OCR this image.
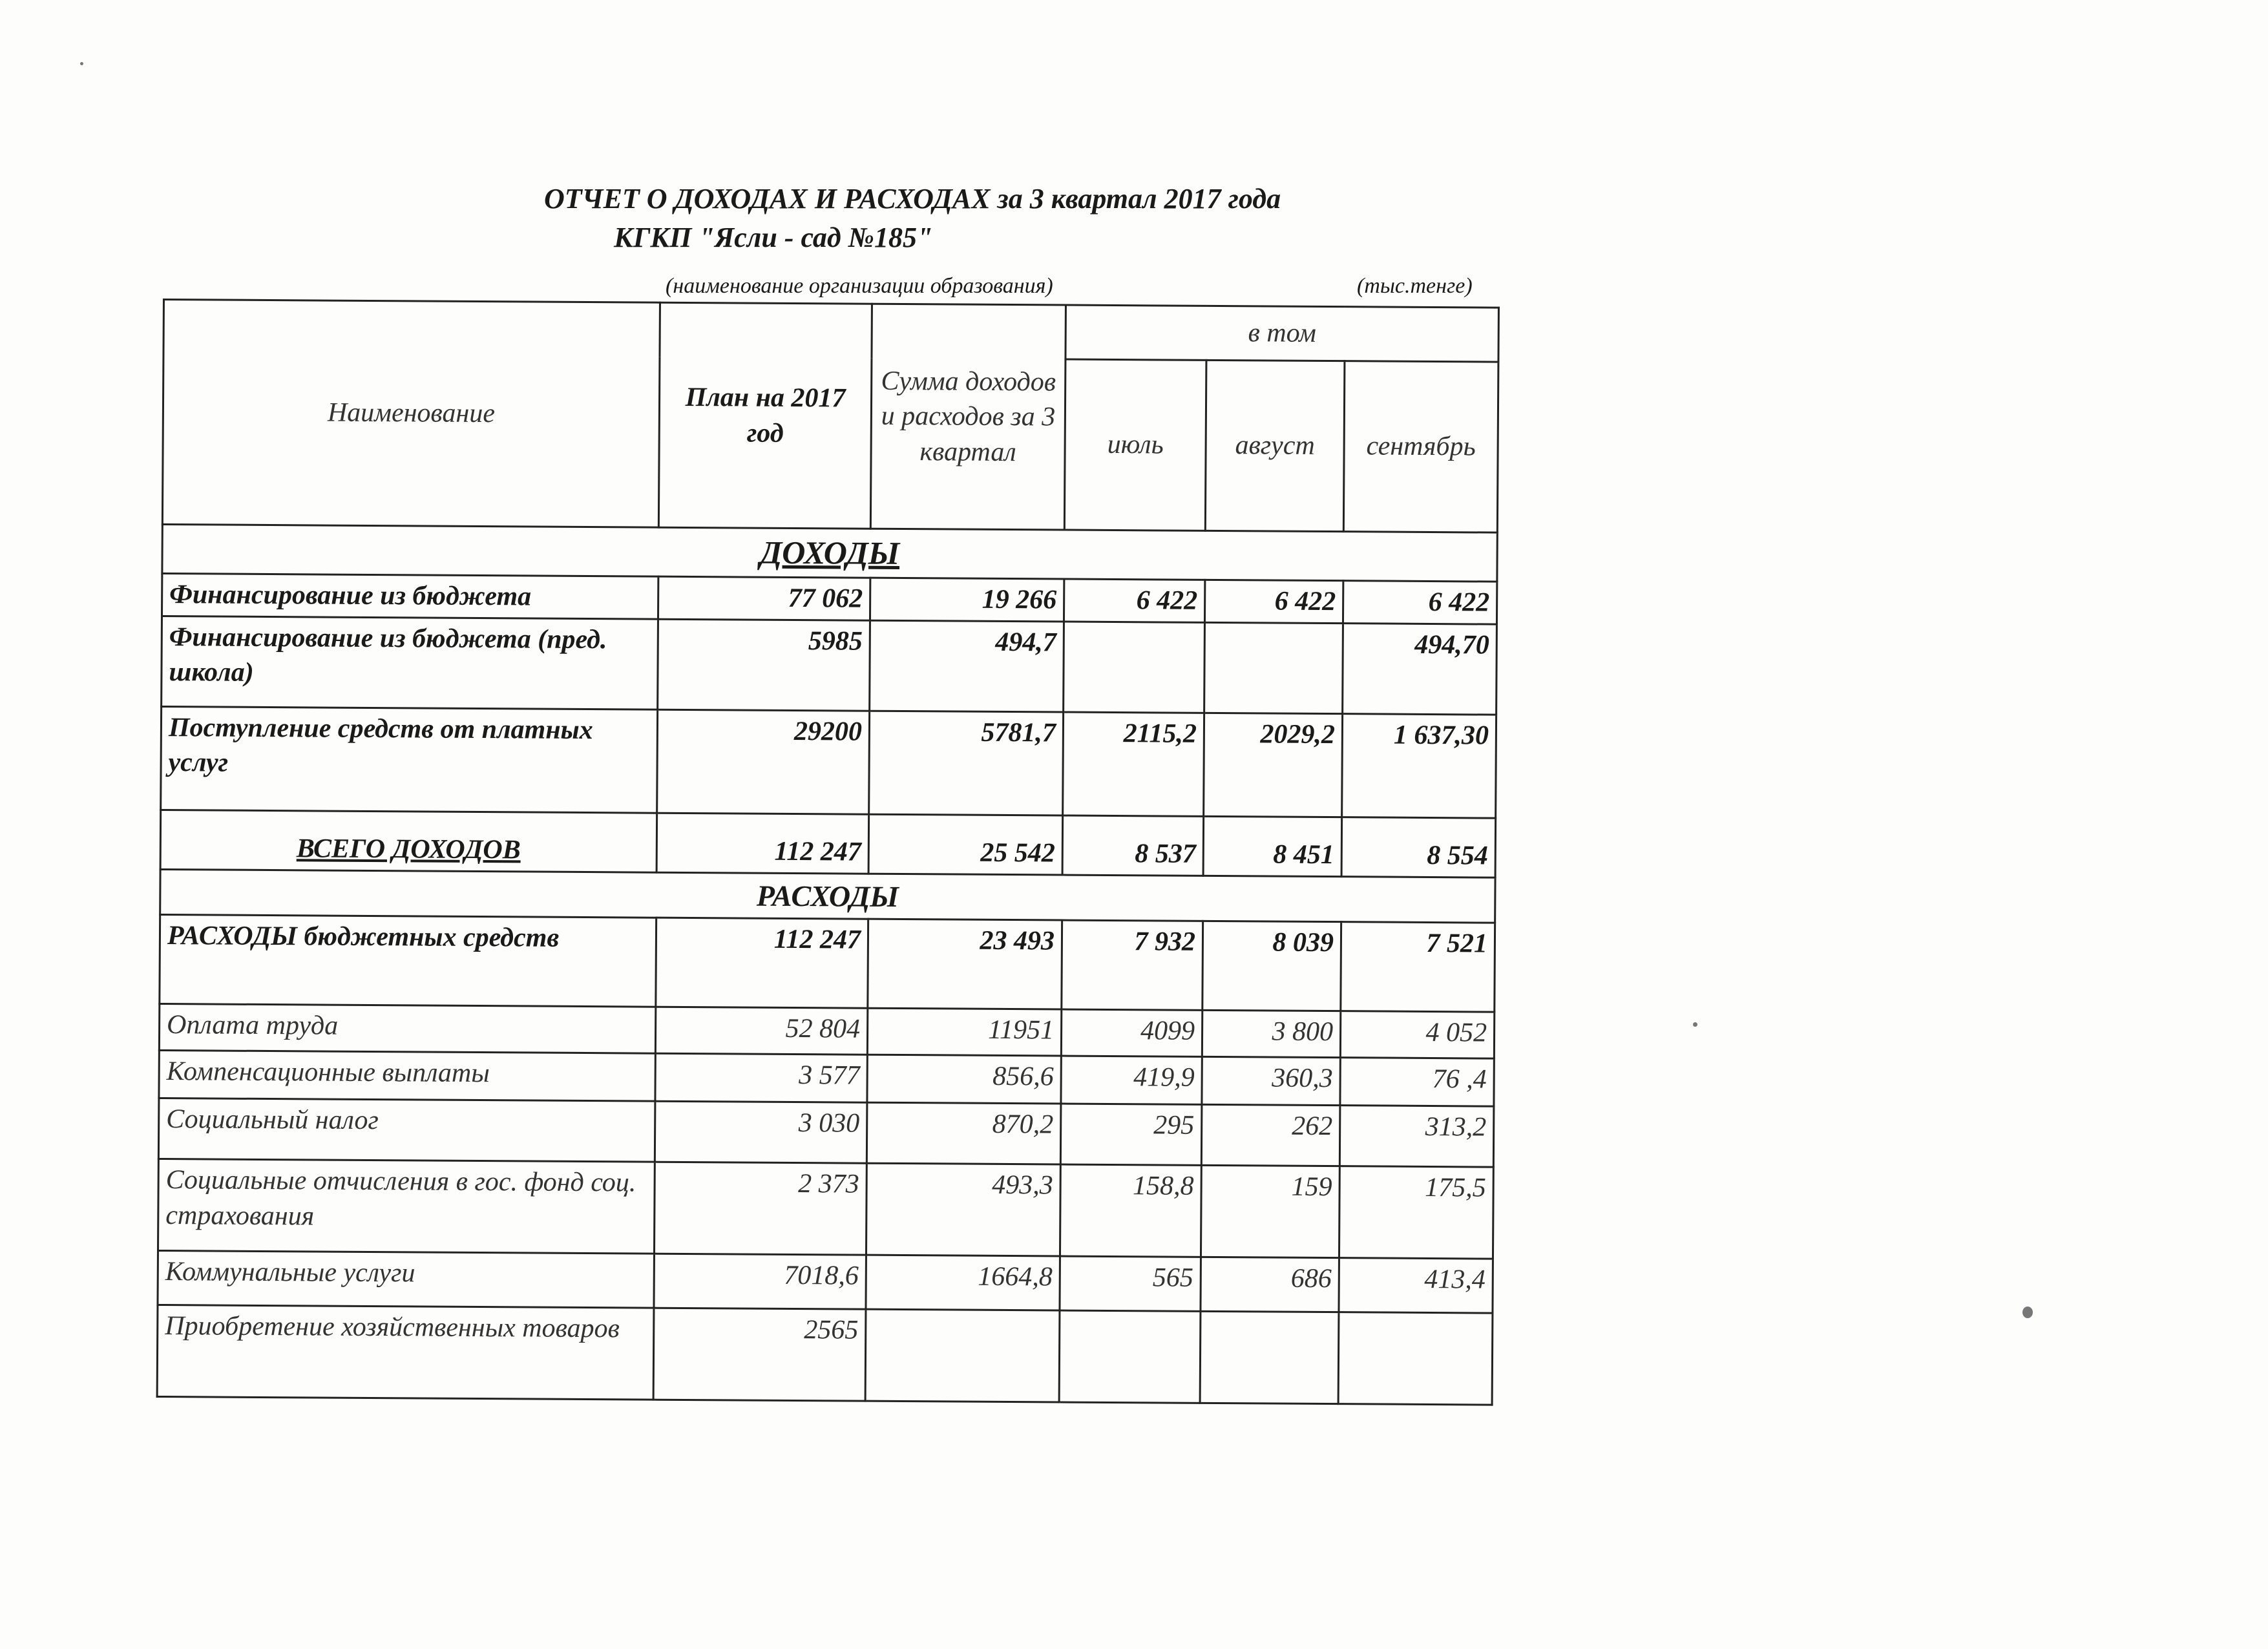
ОТЧЕТ О ДОХОДАХ И РАСХОДАХ за 3 квартал 2017 года
КГКП "Ясли - сад №185"
(наименование организации образования)	(тыс.тенге)
Наименование	План на 2017 год	Сумма доходов и расходов за 3 квартал	в том		
			июль	август	сентябрь
ДОХОДЫ					
Финансирование из бюджета	77 062	19 266	6 422	6 422	6 422
Финансирование из бюджета (пред. школа)	5985	494,7			494,70
Поступление средств от платных услуг	29200	5781,7	2115,2	2029,2	1 637,30
ВСЕГО ДОХОДОВ	112 247	25 542	8 537	8 451	8 554
РАСХОДЫ					
РАСХОДЫ бюджетных средств	112 247	23 493	7 932	8 039	7 521
Оплата труда	52 804	11951	4099	3 800	4 052
Компенсационные выплаты	3 577	856,6	419,9	360,3	76 ,4
Социальный налог	3 030	870,2	295	262	313,2
Социальные отчисления в гос. фонд соц. страхования	2 373	493,3	158,8	159	175,5
Коммунальные услуги	7018,6	1664,8	565	686	413,4
Приобретение хозяйственных товаров	2565				
